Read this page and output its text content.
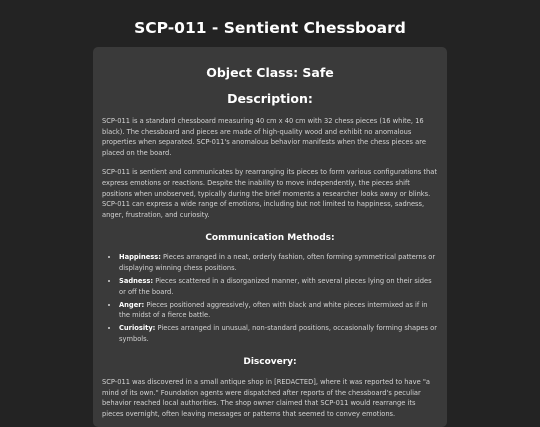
SCP-011 - Sentient Chessboard
Object Class: Safe
Description:

SCP-011 is a standard chessboard measuring 40 cm x 40 cm with 32 chess pieces (16 white, 16 black). The chessboard and pieces are made of high-quality wood and exhibit no anomalous properties when separated. SCP-011's anomalous behavior manifests when the chess pieces are placed on the board.

SCP-011 is sentient and communicates by rearranging its pieces to form various configurations that express emotions or reactions. Despite the inability to move independently, the pieces shift positions when unobserved, typically during the brief moments a researcher looks away or blinks. SCP-011 can express a wide range of emotions, including but not limited to happiness, sadness, anger, frustration, and curiosity.

Communication Methods:
• Happiness: Pieces arranged in a neat, orderly fashion, often forming symmetrical patterns or displaying winning chess positions.
• Sadness: Pieces scattered in a disorganized manner, with several pieces lying on their sides or off the board.
• Anger: Pieces positioned aggressively, often with black and white pieces intermixed as if in the midst of a fierce battle.
• Curiosity: Pieces arranged in unusual, non-standard positions, occasionally forming shapes or symbols.
Discovery:

SCP-011 was discovered in a small antique shop in [REDACTED], where it was reported to have "a mind of its own." Foundation agents were dispatched after reports of the chessboard's peculiar behavior reached local authorities. The shop owner claimed that SCP-011 would rearrange its pieces overnight, often leaving messages or patterns that seemed to convey emotions.
